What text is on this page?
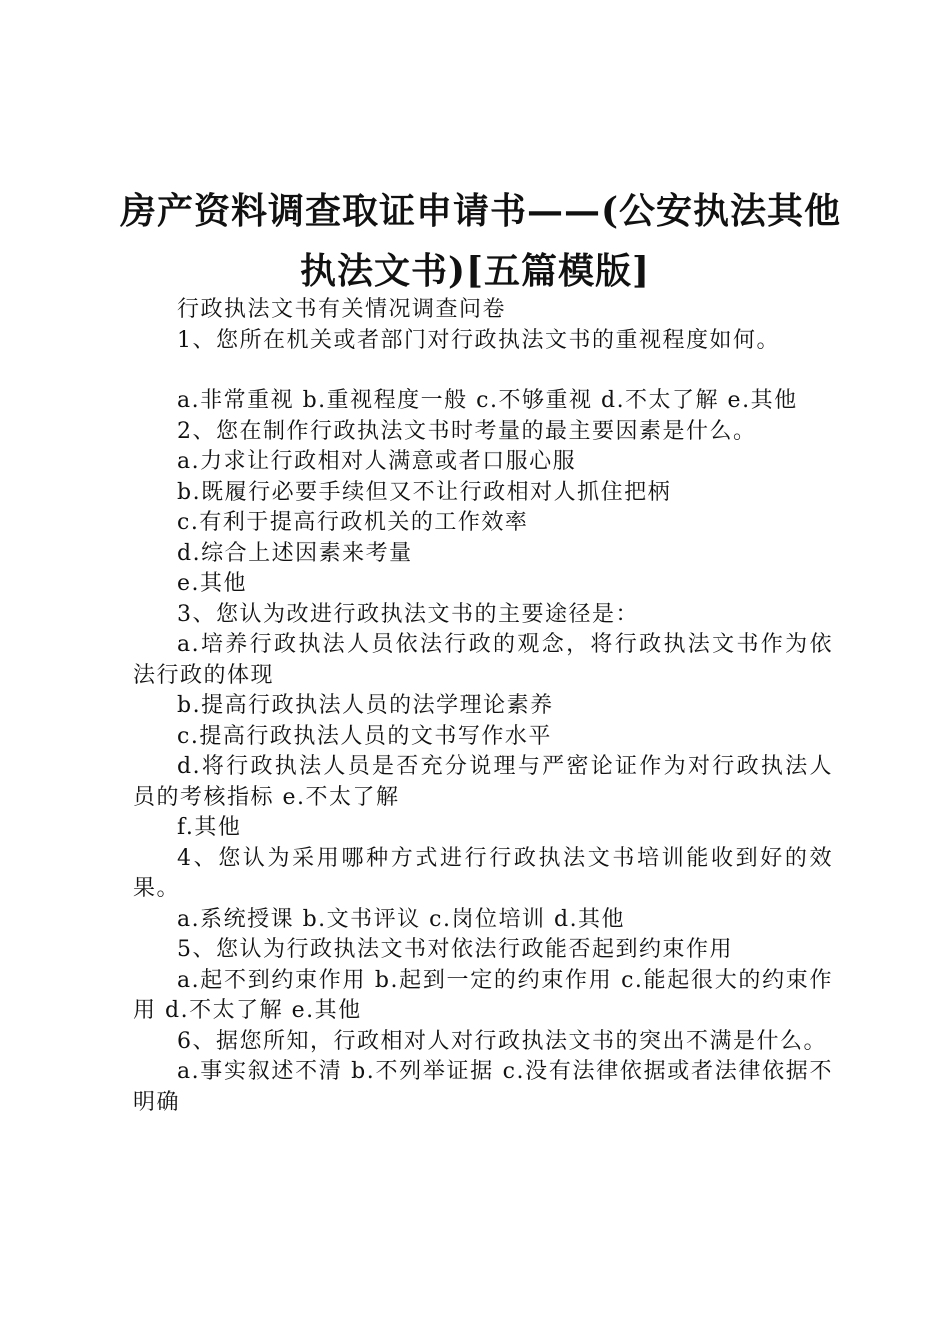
房产资料调查取证申请书——(公安执法其他
执法文书)[五篇模版]

行政执法文书有关情况调查问卷

1、您所在机关或者部门对行政执法文书的重视程度如何。

a.非常重视 b.重视程度一般 c.不够重视 d.不太了解 e.其他

2、您在制作行政执法文书时考量的最主要因素是什么。

a.力求让行政相对人满意或者口服心服

b.既履行必要手续但又不让行政相对人抓住把柄

c.有利于提高行政机关的工作效率

d.综合上述因素来考量

e.其他

3、您认为改进行政执法文书的主要途径是：

a.培养行政执法人员依法行政的观念，将行政执法文书作为依法行政的体现

b.提高行政执法人员的法学理论素养

c.提高行政执法人员的文书写作水平

d.将行政执法人员是否充分说理与严密论证作为对行政执法人员的考核指标 e.不太了解

f.其他

4、您认为采用哪种方式进行行政执法文书培训能收到好的效果。

a.系统授课 b.文书评议 c.岗位培训 d.其他

5、您认为行政执法文书对依法行政能否起到约束作用

a.起不到约束作用 b.起到一定的约束作用 c.能起很大的约束作用 d.不太了解 e.其他

6、据您所知，行政相对人对行政执法文书的突出不满是什么。

a.事实叙述不清 b.不列举证据 c.没有法律依据或者法律依据不明确
